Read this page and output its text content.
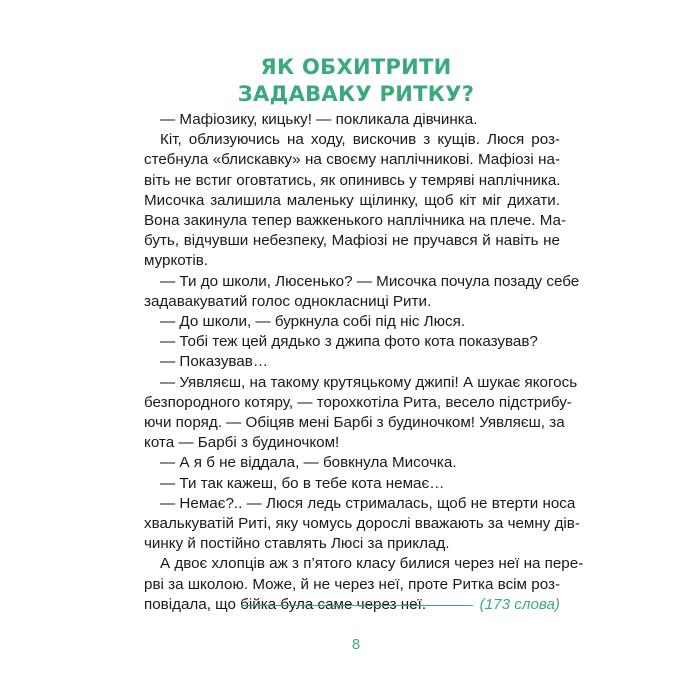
ЯК ОБХИТРИТИ
ЗАДАВАКУ РИТКУ?
— Мафіозику, кицьку! — покликала дівчинка.
Кіт, облизуючись на ходу, вискочив з кущів. Люся роз-
стебнула «блискавку» на своєму наплічникові. Мафіозі на-
віть не встиг оговтатись, як опинивсь у темряві наплічника.
Мисочка залишила маленьку щілинку, щоб кіт міг дихати.
Вона закинула тепер важкенького наплічника на плече. Ма-
буть, відчувши небезпеку, Мафіозі не пручався й навіть не
муркотів.
— Ти до школи, Люсенько? — Мисочка почула позаду себе
задавакуватий голос однокласниці Рити.
— До школи, — буркнула собі під ніс Люся.
— Тобі теж цей дядько з джипа фото кота показував?
— Показував…
— Уявляєш, на такому крутяцькому джипі! А шукає якогось
безпородного котяру, — торохкотіла Рита, весело підстрибу-
ючи поряд. — Обіцяв мені Барбі з будиночком! Уявляєш, за
кота — Барбі з будиночком!
— А я б не віддала, — бовкнула Мисочка.
— Ти так кажеш, бо в тебе кота немає…
— Немає?.. — Люся ледь стрималась, щоб не втерти носа
хвалькуватій Риті, яку чомусь дорослі вважають за чемну дів-
чинку й постійно ставлять Люсі за приклад.
А двоє хлопців аж з п’ятого класу билися через неї на пере-
рві за школою. Може, й не через неї, проте Ритка всім роз-
повідала, що бійка була саме через неї.	(173 слова)
8
